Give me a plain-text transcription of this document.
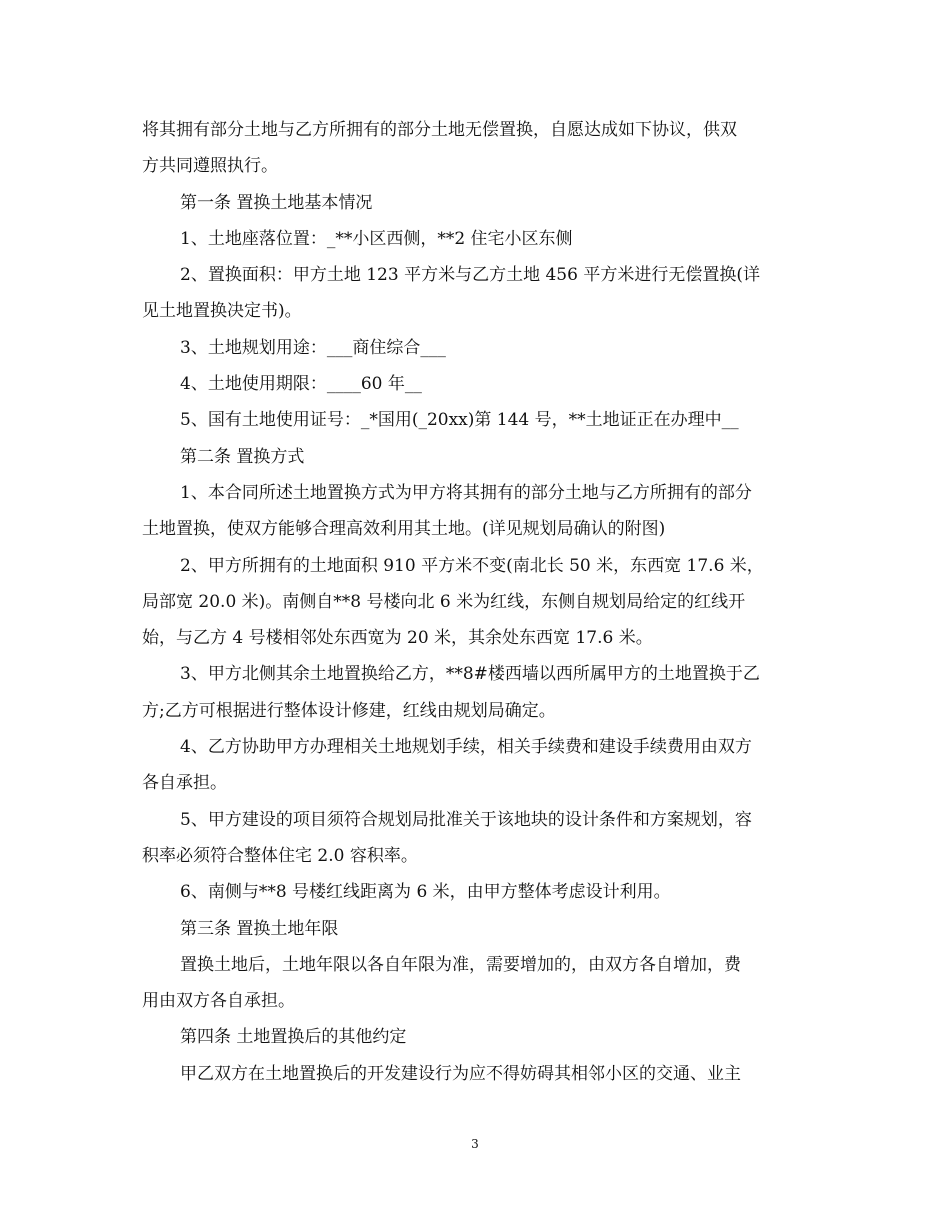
将其拥有部分土地与乙方所拥有的部分土地无偿置换，自愿达成如下协议，供双
方共同遵照执行。
第一条 置换土地基本情况
1、土地座落位置：_**小区西侧，**2 住宅小区东侧
2、置换面积：甲方土地 123 平方米与乙方土地 456 平方米进行无偿置换(详
见土地置换决定书)。
3、土地规划用途：___商住综合___
4、土地使用期限：____60 年__
5、国有土地使用证号：_*国用(_20xx)第 144 号，**土地证正在办理中__
第二条 置换方式
1、本合同所述土地置换方式为甲方将其拥有的部分土地与乙方所拥有的部分
土地置换，使双方能够合理高效利用其土地。(详见规划局确认的附图)
2、甲方所拥有的土地面积 910 平方米不变(南北长 50 米，东西宽 17.6 米，
局部宽 20.0 米)。南侧自**8 号楼向北 6 米为红线，东侧自规划局给定的红线开
始，与乙方 4 号楼相邻处东西宽为 20 米，其余处东西宽 17.6 米。
3、甲方北侧其余土地置换给乙方，**8#楼西墙以西所属甲方的土地置换于乙
方;乙方可根据进行整体设计修建，红线由规划局确定。
4、乙方协助甲方办理相关土地规划手续，相关手续费和建设手续费用由双方
各自承担。
5、甲方建设的项目须符合规划局批准关于该地块的设计条件和方案规划，容
积率必须符合整体住宅 2.0 容积率。
6、南侧与**8 号楼红线距离为 6 米，由甲方整体考虑设计利用。
第三条 置换土地年限
置换土地后，土地年限以各自年限为准，需要增加的，由双方各自增加，费
用由双方各自承担。
第四条 土地置换后的其他约定
甲乙双方在土地置换后的开发建设行为应不得妨碍其相邻小区的交通、业主
3
